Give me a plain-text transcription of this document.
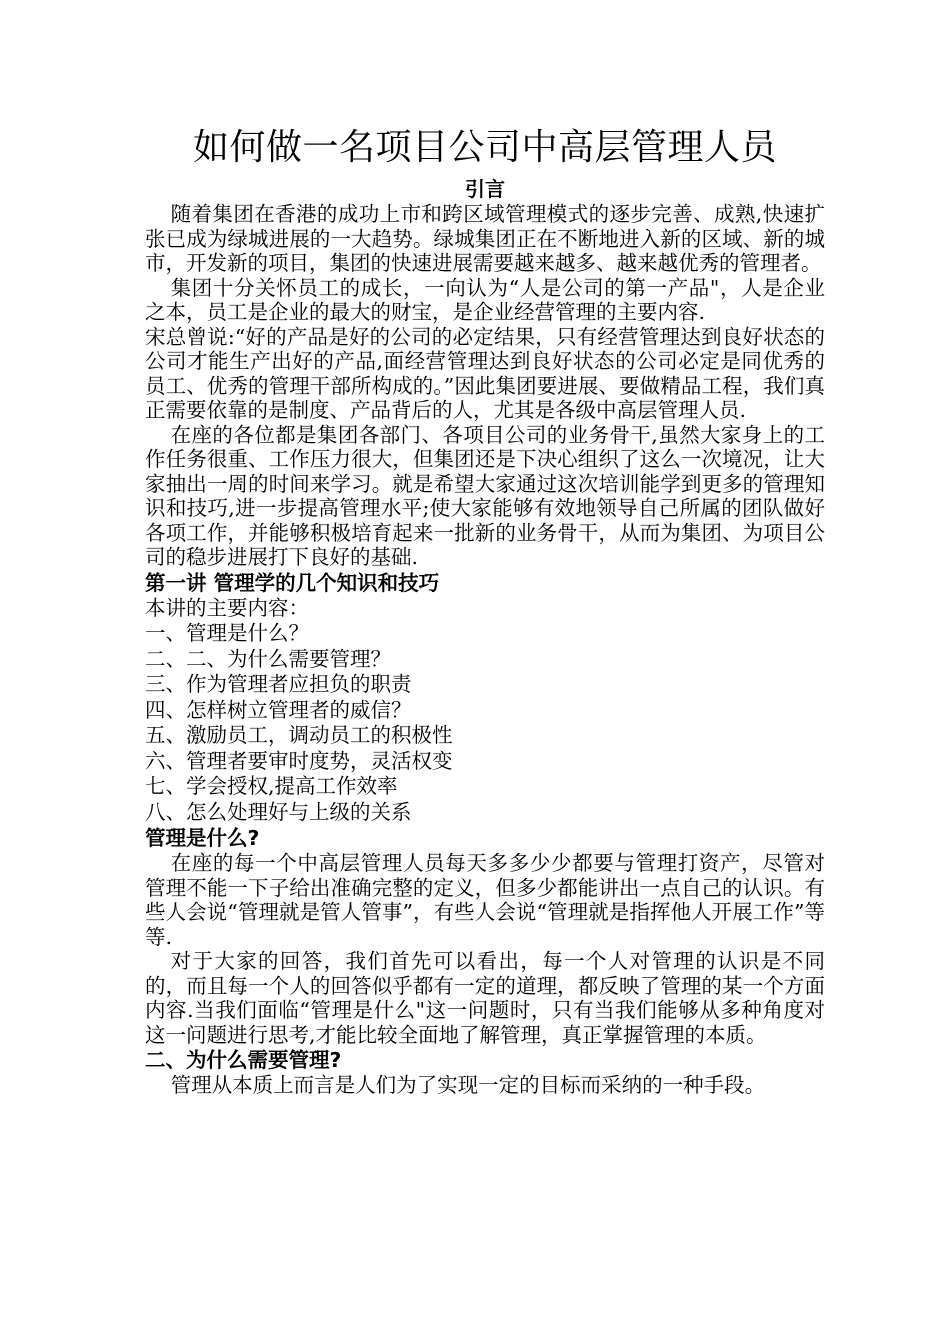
如何做一名项目公司中高层管理人员

引言

随着集团在香港的成功上市和跨区域管理模式的逐步完善、成熟,快速扩张已成为绿城进展的一大趋势。绿城集团正在不断地进入新的区域、新的城市，开发新的项目，集团的快速进展需要越来越多、越来越优秀的管理者。

集团十分关怀员工的成长，一向认为“人是公司的第一产品"，人是企业之本，员工是企业的最大的财宝，是企业经营管理的主要内容.

宋总曾说:“好的产品是好的公司的必定结果，只有经营管理达到良好状态的公司才能生产出好的产品,面经营管理达到良好状态的公司必定是同优秀的员工、优秀的管理干部所构成的。”因此集团要进展、要做精品工程，我们真正需要依靠的是制度、产品背后的人，尤其是各级中高层管理人员.

在座的各位都是集团各部门、各项目公司的业务骨干,虽然大家身上的工作任务很重、工作压力很大，但集团还是下决心组织了这么一次境况，让大家抽出一周的时间来学习。就是希望大家通过这次培训能学到更多的管理知识和技巧,进一步提高管理水平;使大家能够有效地领导自己所属的团队做好各项工作，并能够积极培育起来一批新的业务骨干，从而为集团、为项目公司的稳步进展打下良好的基础.

第一讲 管理学的几个知识和技巧

本讲的主要内容：

一、管理是什么？

二、二、为什么需要管理？

三、作为管理者应担负的职责

四、怎样树立管理者的威信？

五、激励员工，调动员工的积极性

六、管理者要审时度势，灵活权变

七、学会授权,提高工作效率

八、怎么处理好与上级的关系

管理是什么?

在座的每一个中高层管理人员每天多多少少都要与管理打资产，尽管对管理不能一下子给出准确完整的定义，但多少都能讲出一点自己的认识。有些人会说“管理就是管人管事”，有些人会说“管理就是指挥他人开展工作”等等.

对于大家的回答，我们首先可以看出，每一个人对管理的认识是不同的，而且每一个人的回答似乎都有一定的道理，都反映了管理的某一个方面内容.当我们面临“管理是什么"这一问题时，只有当我们能够从多种角度对这一问题进行思考,才能比较全面地了解管理，真正掌握管理的本质。

二、为什么需要管理?

管理从本质上而言是人们为了实现一定的目标而采纳的一种手段。
